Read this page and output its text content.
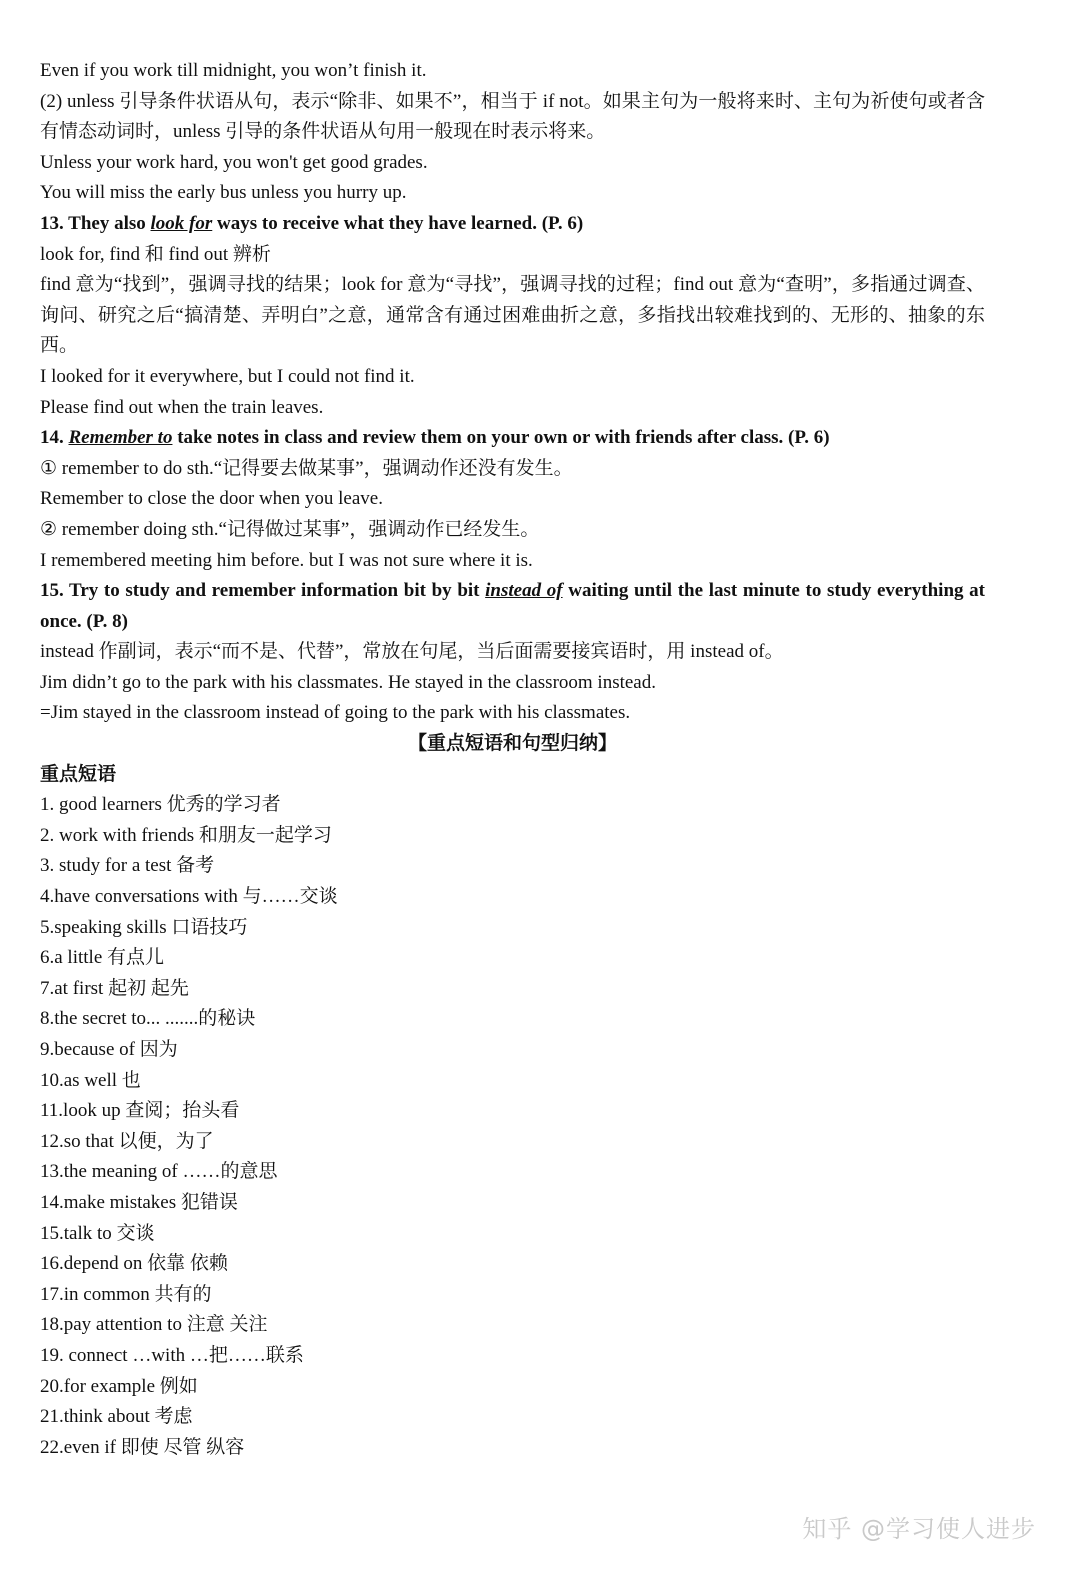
Even if you work till midnight, you won’t finish it.
(2) unless 引导条件状语从句，表示“除非、如果不”，相当于 if not。如果主句为一般将来时、主句为祈使句或者含有情态动词时，unless 引导的条件状语从句用一般现在时表示将来。
Unless your work hard, you won't get good grades.
You will miss the early bus unless you hurry up.
13. They also look for ways to receive what they have learned. (P. 6)
look for, find 和 find out 辨析
find 意为“找到”，强调寻找的结果；look for 意为“寻找”，强调寻找的过程；find out 意为“查明”，多指通过调查、询问、研究之后“搞清楚、弄明白”之意，通常含有通过困难曲折之意，多指找出较难找到的、无形的、抽象的东西。
I looked for it everywhere, but I could not find it.
Please find out when the train leaves.
14. Remember to take notes in class and review them on your own or with friends after class. (P. 6)
① remember to do sth.“记得要去做某事”，强调动作还没有发生。
Remember to close the door when you leave.
② remember doing sth.“记得做过某事”，强调动作已经发生。
I remembered meeting him before. but I was not sure where it is.
15. Try to study and remember information bit by bit instead of waiting until the last minute to study everything at once. (P. 8)
instead 作副词，表示“而不是、代替”，常放在句尾，当后面需要接宾语时，用 instead of。
Jim didn’t go to the park with his classmates. He stayed in the classroom instead.
=Jim stayed in the classroom instead of going to the park with his classmates.
【重点短语和句型归纳】
重点短语
1. good learners 优秀的学习者
2. work with friends 和朋友一起学习
3. study for a test 备考
4.have conversations with 与……交谈
5.speaking skills 口语技巧
6.a little 有点儿
7.at first 起初 起先
8.the secret to... .......的秘诀
9.because of 因为
10.as well 也
11.look up 查阅；抬头看
12.so that 以便，为了
13.the meaning of ……的意思
14.make mistakes 犯错误
15.talk to 交谈
16.depend on 依靠 依赖
17.in common 共有的
18.pay attention to 注意 关注
19. connect …with …把……联系
20.for example 例如
21.think about 考虑
22.even if 即使 尽管 纵容
知乎 @学习使人进步
